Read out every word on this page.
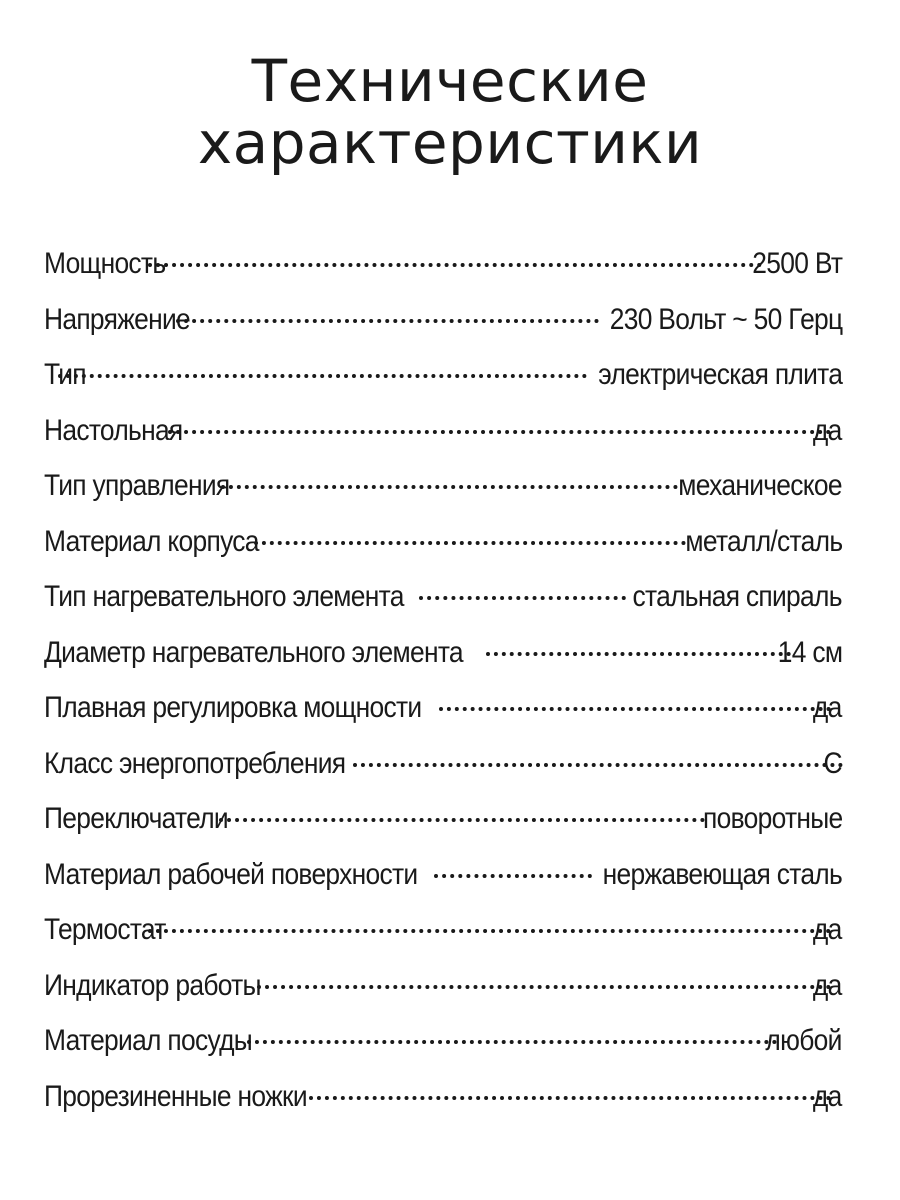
Технические
характеристики
Мощность	2500 Вт
Напряжение	230 Вольт ~ 50 Герц
Тип	электрическая плита
Настольная	да
Тип управления	механическое
Материал корпуса	металл/сталь
Тип нагревательного элемента	стальная спираль
Диаметр нагревательного элемента	14 см
Плавная регулировка мощности	да
Класс энергопотребления	С
Переключатели	поворотные
Материал рабочей поверхности	нержавеющая сталь
Термостат	да
Индикатор работы	да
Материал посуды	любой
Прорезиненные ножки	да
